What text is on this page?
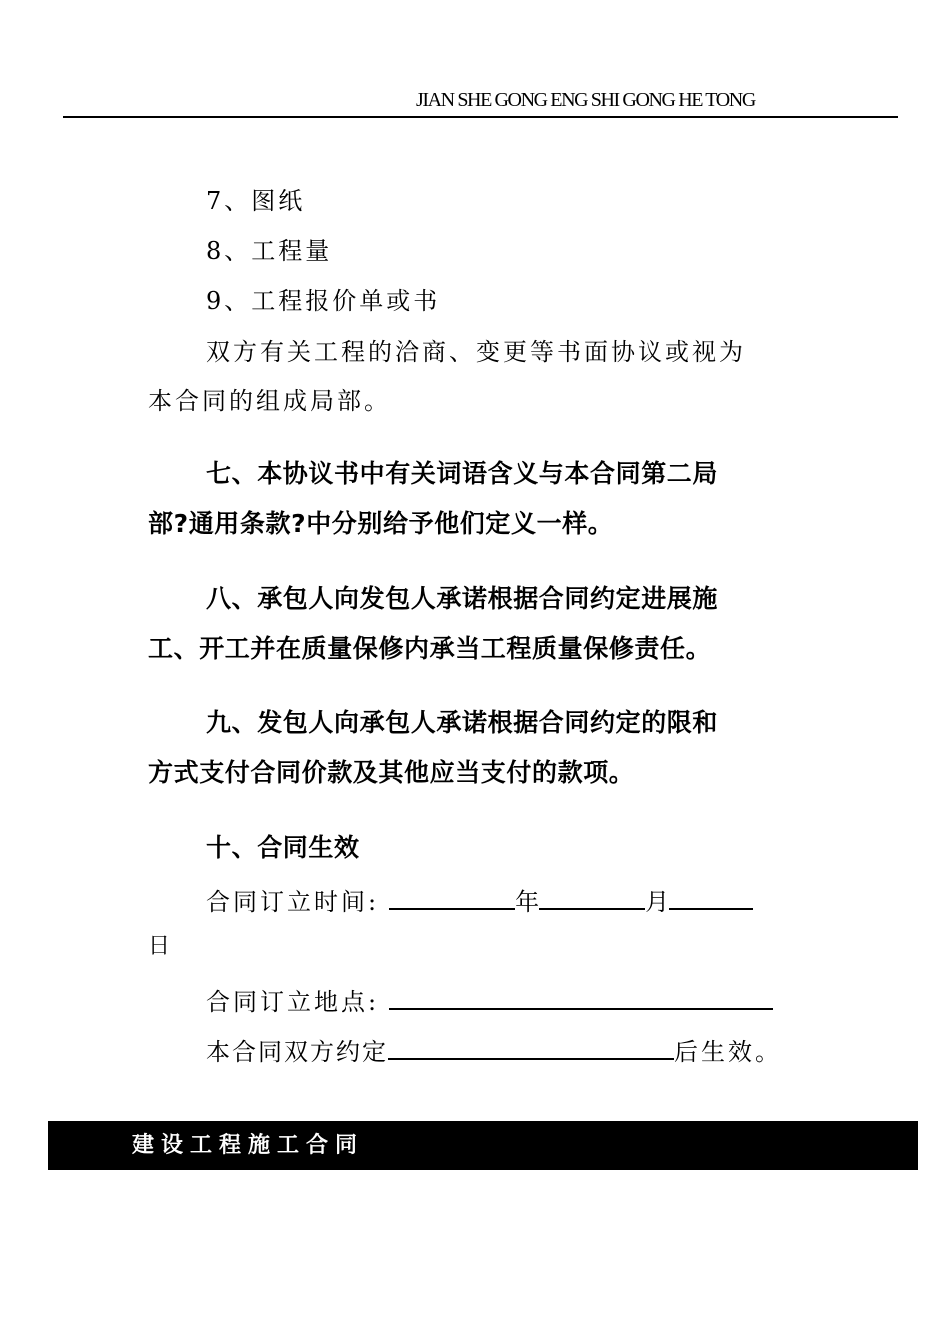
JIAN SHE GONG ENG SHI GONG HE TONG
7、图纸
8、工程量
9、工程报价单或书
双方有关工程的洽商、变更等书面协议或视为
本合同的组成局部。
七、本协议书中有关词语含义与本合同第二局
部?通用条款?中分别给予他们定义一样。
八、承包人向发包人承诺根据合同约定进展施
工、开工并在质量保修内承当工程质量保修责任。
九、发包人向承包人承诺根据合同约定的限和
方式支付合同价款及其他应当支付的款项。
十、合同生效
合同订立时间:	年	月
日
合同订立地点:
本合同双方约定	后生效。
建设工程施工合同
